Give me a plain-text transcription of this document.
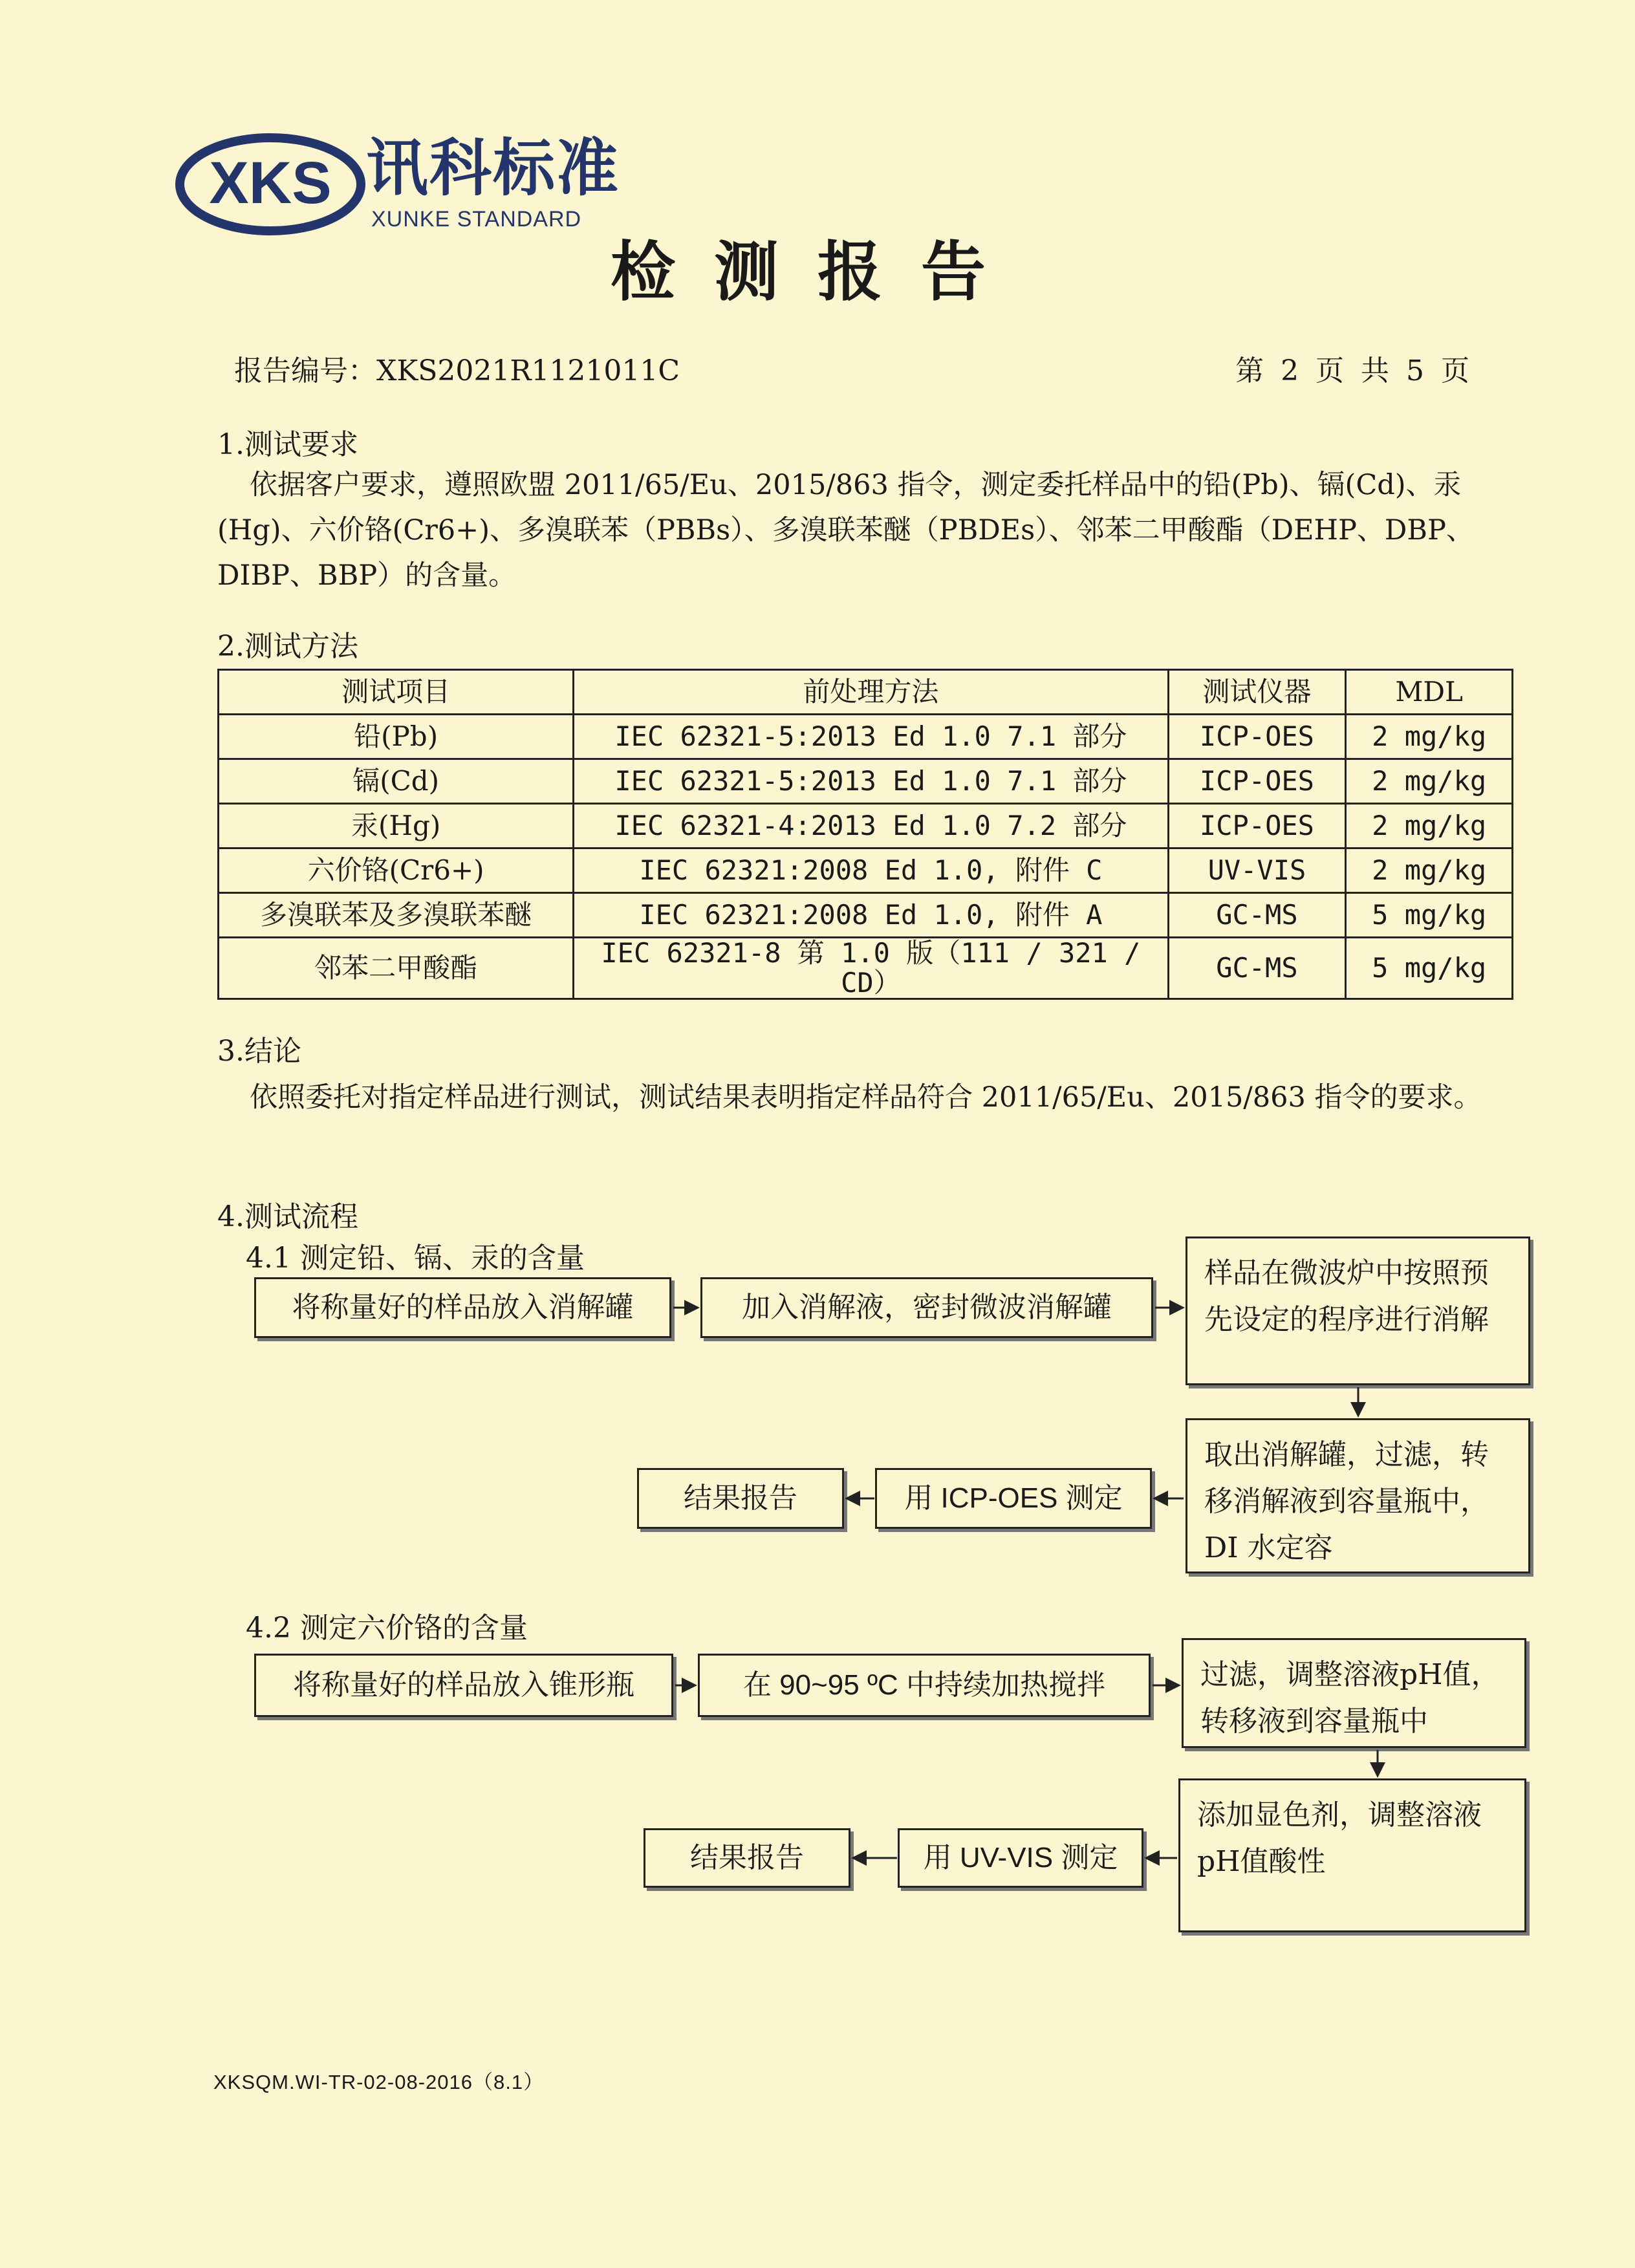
XKS 讯科标准
XUNKE STANDARD
检测报告
报告编号：XKS2021R1121011C	第 2 页 共 5 页
1.测试要求
依据客户要求，遵照欧盟 2011/65/Eu、2015/863 指令，测定委托样品中的铅(Pb)、镉(Cd)、汞(Hg)、六价铬(Cr6+)、多溴联苯（PBBs）、多溴联苯醚（PBDEs）、邻苯二甲酸酯（DEHP、DBP、DIBP、BBP）的含量。
2.测试方法
测试项目	前处理方法	测试仪器	MDL
铅(Pb)	IEC 62321-5:2013 Ed 1.0 7.1 部分	ICP-OES	2 mg/kg
镉(Cd)	IEC 62321-5:2013 Ed 1.0 7.1 部分	ICP-OES	2 mg/kg
汞(Hg)	IEC 62321-4:2013 Ed 1.0 7.2 部分	ICP-OES	2 mg/kg
六价铬(Cr6+)	IEC 62321:2008 Ed 1.0, 附件 C	UV-VIS	2 mg/kg
多溴联苯及多溴联苯醚	IEC 62321:2008 Ed 1.0, 附件 A	GC-MS	5 mg/kg
邻苯二甲酸酯	IEC 62321-8 第 1.0 版（111 / 321 / CD）	GC-MS	5 mg/kg
3.结论
依照委托对指定样品进行测试，测试结果表明指定样品符合 2011/65/Eu、2015/863 指令的要求。
4.测试流程
4.1 测定铅、镉、汞的含量
将称量好的样品放入消解罐	加入消解液，密封微波消解罐
样品在微波炉中按照预先设定的程序进行消解
取出消解罐，过滤，转移消解液到容量瓶中，DI 水定容
用 ICP-OES 测定
结果报告
4.2 测定六价铬的含量
将称量好的样品放入锥形瓶	在 90~95 ºC 中持续加热搅拌	过滤，调整溶液pH值，转移液到容量瓶中
添加显色剂，调整溶液pH值酸性
用 UV-VIS 测定
结果报告
XKSQM.WI-TR-02-08-2016（8.1）
